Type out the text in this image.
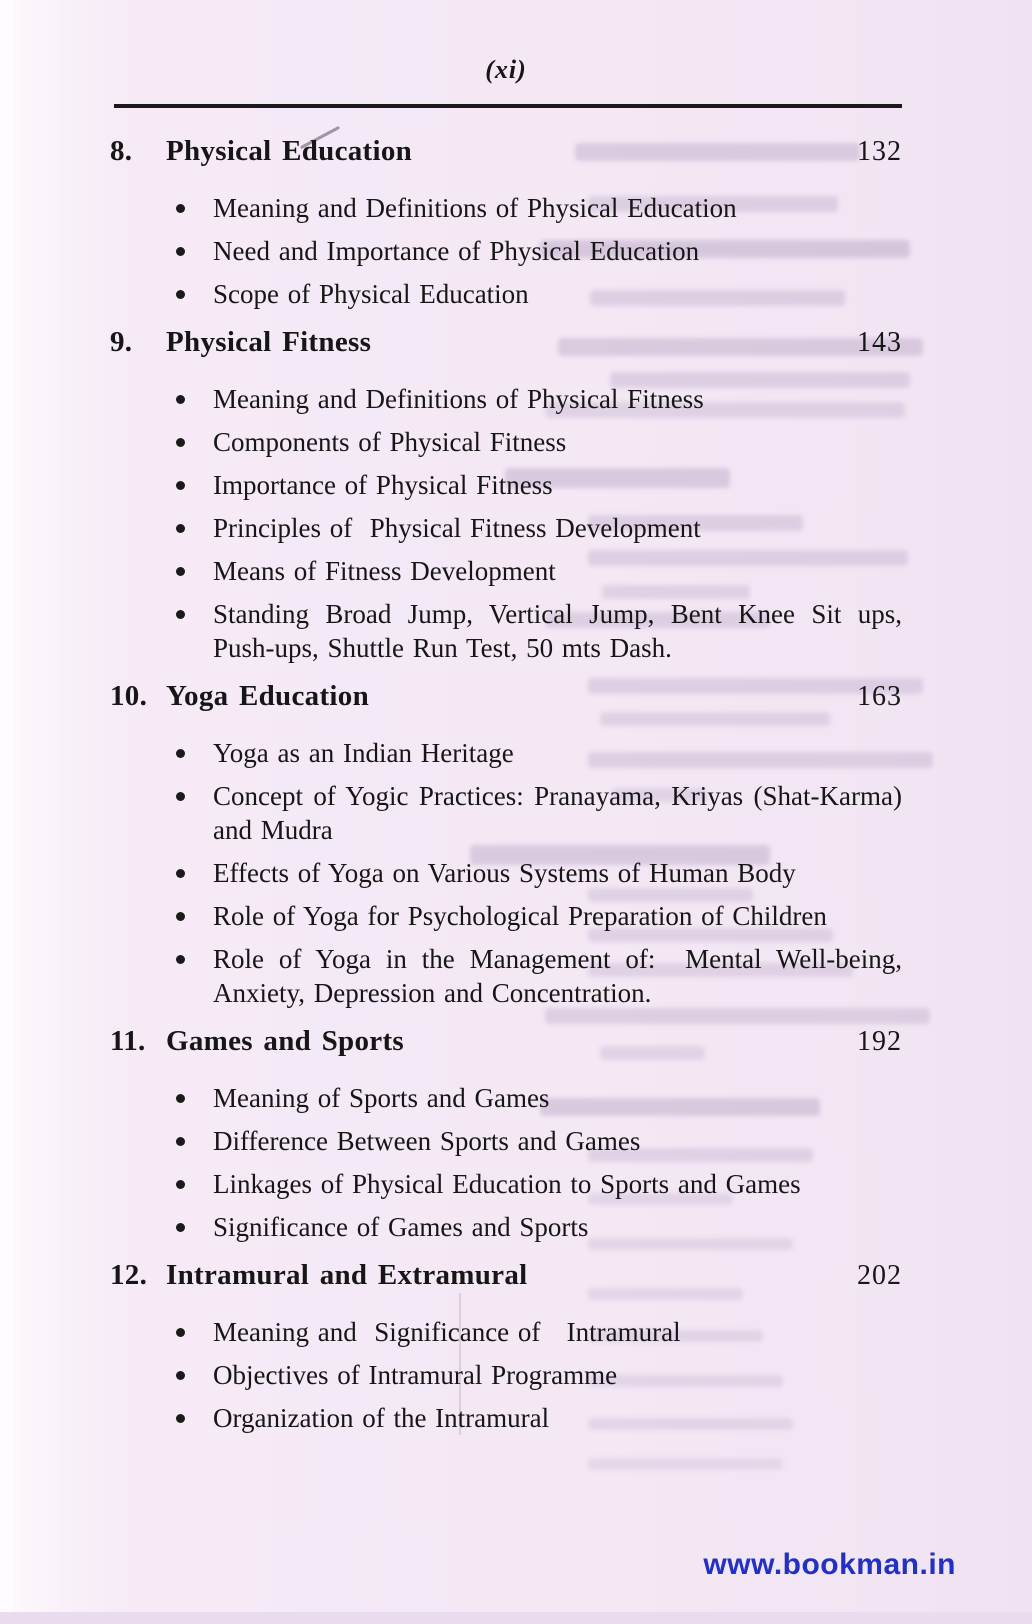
(xi)
8.	Physical Education	132
Meaning and Definitions of Physical Education
Need and Importance of Physical Education
Scope of Physical Education
9.	Physical Fitness	143
Meaning and Definitions of Physical Fitness
Components of Physical Fitness
Importance of Physical Fitness
Principles of  Physical Fitness Development
Means of Fitness Development
Standing Broad Jump, Vertical Jump, Bent Knee Sit ups, Push-ups, Shuttle Run Test, 50 mts Dash.
10. Yoga Education	163
Yoga as an Indian Heritage
Concept of Yogic Practices: Pranayama, Kriyas (Shat-Karma) and Mudra
Effects of Yoga on Various Systems of Human Body
Role of Yoga for Psychological Preparation of Children
Role of Yoga in the Management of:  Mental Well-being, Anxiety, Depression and Concentration.
11. Games and Sports	192
Meaning of Sports and Games
Difference Between Sports and Games
Linkages of Physical Education to Sports and Games
Significance of Games and Sports
12. Intramural and Extramural	202
Meaning and  Significance of   Intramural
Objectives of Intramural Programme
Organization of the Intramural
www.bookman.in
